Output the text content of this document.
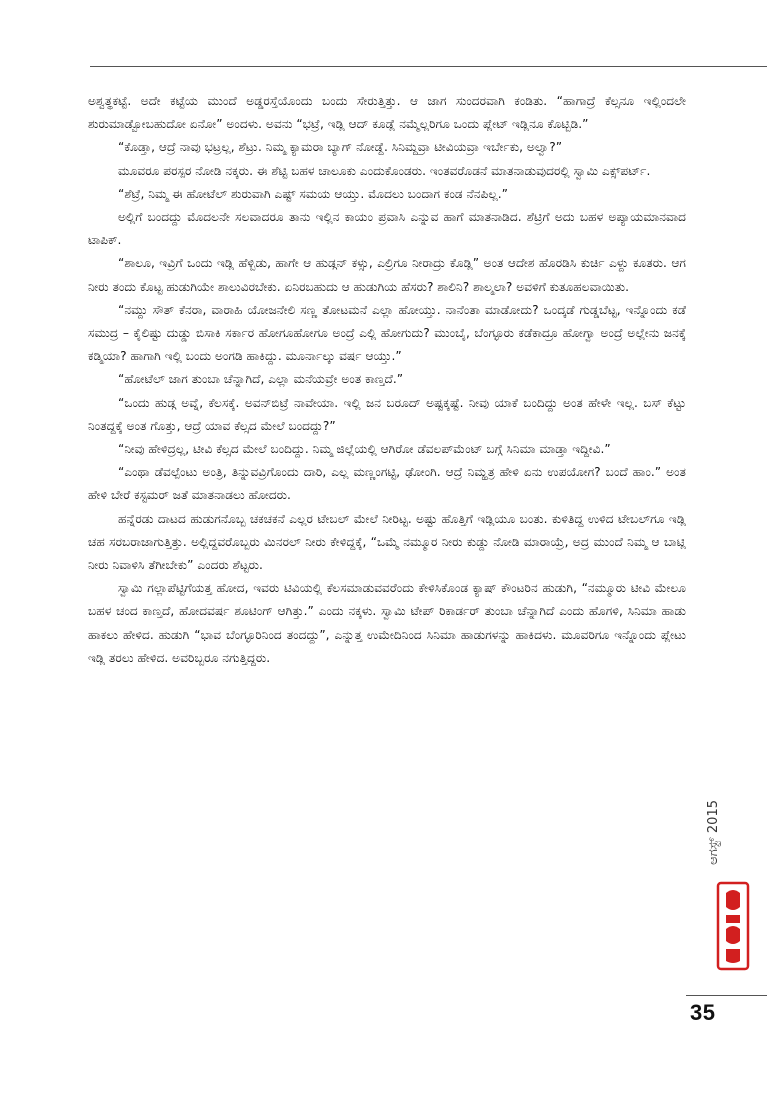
ಅಶ್ವತ್ಥಕಟ್ಟೆ. ಅದೇ ಕಟ್ಟೆಯ ಮುಂದೆ ಅಡ್ಡರಸ್ತೆಯೊಂದು ಬಂದು ಸೇರುತ್ತಿತ್ತು. ಆ ಜಾಗ ಸುಂದರವಾಗಿ ಕಂಡಿತು. “ಹಾಗಾದ್ರೆ ಕೆಲ್ಸನೂ ಇಲ್ಲಿಂದಲೇ ಶುರುಮಾಡ್ಬೋಬಹುದೋ ಏನೋ” ಅಂದಳು. ಅವನು “ಭಟ್ರೆ, ಇಡ್ಲಿ ಆದ್ ಕೂಡ್ಲೆ ನಮ್ಮೆಲ್ಲರಿಗೂ ಒಂದು ಪ್ಲೇಟ್ ಇಡ್ಲಿನೂ ಕೊಟ್ಬಿಡಿ.”

“ಕೊಡ್ತಾ, ಆದ್ರೆ ನಾವು ಭಟ್ರಲ್ಲ, ಶೆಟ್ರು. ನಿಮ್ಮ ಕ್ಯಾಮರಾ ಬ್ಯಾಗ್ ನೋಡ್ದೆ. ಸಿನಿಮ್ದವ್ರಾ ಟೀವಿಯವ್ರಾ ಇರ್ಬೇಕು, ಅಲ್ವಾ?”

ಮೂವರೂ ಪರಸ್ಪರ ನೋಡಿ ನಕ್ಕರು. ಈ ಶೆಟ್ಟಿ ಬಹಳ ಚಾಲೂಕು ಎಂದುಕೊಂಡರು. ಇಂತವರೊಡನೆ ಮಾತನಾಡುವುದರಲ್ಲಿ ಸ್ವಾಮಿ ಎಕ್ಸ್‌ಪರ್ಟ್.

“ಶೆಟ್ರೆ, ನಿಮ್ಮ ಈ ಹೋಟೆಲ್ ಶುರುವಾಗಿ ಎಷ್ಟ್ ಸಮಯ ಆಯ್ತು. ಮೊದಲು ಬಂದಾಗ ಕಂಡ ನೆನಪಿಲ್ಲ.”

ಅಲ್ಲಿಗೆ ಬಂದದ್ದು ಮೊದಲನೇ ಸಲವಾದರೂ ತಾನು ಇಲ್ಲಿನ ಕಾಯಂ ಪ್ರವಾಸಿ ಎನ್ನುವ ಹಾಗೆ ಮಾತನಾಡಿದ. ಶೆಟ್ರಿಗೆ ಅದು ಬಹಳ ಅಪ್ಯಾಯಮಾನವಾದ ಟಾಪಿಕ್.

“ಶಾಲೂ, ಇವ್ರಿಗೆ ಒಂದು ಇಡ್ಲಿ ಹೆಳ್ಬಿಡು, ಹಾಗೇ ಆ ಹುಡ್ಗನ್ ಕಳ್ಸು, ಎಲ್ರಿಗೂ ನೀರಾದ್ರು ಕೊಡ್ಲಿ” ಅಂತ ಆದೇಶ ಹೊರಡಿಸಿ ಕುರ್ಚಿ ಎಳ್ದು ಕೂತರು. ಆಗ ನೀರು ತಂದು ಕೊಟ್ಟ ಹುಡುಗಿಯೇ ಶಾಲುವಿರಬೇಕು. ಏನಿರಬಹುದು ಆ ಹುಡುಗಿಯ ಹೆಸರು? ಶಾಲಿನಿ? ಶಾಲ್ಮಲಾ? ಅವಳಿಗೆ ಕುತೂಹಲವಾಯಿತು.

“ನಮ್ದು ಸೌತ್ ಕೆನರಾ, ವಾರಾಹಿ ಯೋಜನೇಲಿ ಸಣ್ಣ ತೋಟಮನೆ ಎಲ್ಲಾ ಹೋಯ್ತು. ನಾನೆಂತಾ ಮಾಡೋದು? ಒಂದ್ಕಡೆ ಗುಡ್ಡಬೆಟ್ಟ, ಇನ್ನೊಂದು ಕಡೆ ಸಮುದ್ರ – ಕೈಲಿಷ್ಟು ದುಡ್ಡು ಬಿಸಾಕಿ ಸರ್ಕಾರ ಹೋಗೂಹೋಗೂ ಅಂದ್ರೆ ಎಲ್ಲಿ ಹೋಗುದು? ಮುಂಬೈ, ಬೆಂಗ್ಳೂರು ಕಡೆಕಾದ್ರೂ ಹೋಗ್ವಾ ಅಂದ್ರೆ ಅಲ್ಲೇನು ಜನಕ್ಕೆ ಕಡ್ಮಿಯಾ? ಹಾಗಾಗಿ ಇಲ್ಲಿ ಬಂದು ಅಂಗಡಿ ಹಾಕಿದ್ದು. ಮೂರ್ನಾಲ್ಕು ವರ್ಷ ಆಯ್ತು.”

“ಹೋಟೆಲ್ ಜಾಗ ತುಂಬಾ ಚೆನ್ನಾಗಿದೆ, ಎಲ್ಲಾ ಮನೆಯವ್ರೇ ಅಂತ ಕಾಣ್ತದೆ.”

“ಒಂದು ಹುಡ್ಗ ಅವ್ನೆ, ಕೆಲಸಕ್ಕೆ. ಅವನ್‌ಬಿಟ್ರೆ ನಾವೇಯಾ. ಇಲ್ಲಿ ಜನ ಬರೂದ್ ಅಷ್ಟಕ್ಕಷ್ಟೆ. ನೀವು ಯಾಕೆ ಬಂದಿದ್ದು ಅಂತ ಹೇಳೇ ಇಲ್ಲ. ಬಸ್ ಕೆಟ್ಟು ನಿಂತದ್ದಕ್ಕೆ ಅಂತ ಗೊತ್ತು, ಆದ್ರೆ ಯಾವ ಕೆಲ್ಸದ ಮೇಲೆ ಬಂದದ್ದು?”

“ನೀವು ಹೇಳಿದ್ರಲ್ಲ, ಟೀವಿ ಕೆಲ್ಸದ ಮೇಲೆ ಬಂದಿದ್ದು. ನಿಮ್ಮ ಜಿಲ್ಲೆಯಲ್ಲಿ ಆಗಿರೋ ಡೆವಲಪ್‌ಮೆಂಟ್ ಬಗ್ಗೆ ಸಿನಿಮಾ ಮಾಡ್ತಾ ಇದ್ದೀವಿ.”

“ಎಂಥಾ ಡೆವಲ್ಪೆಂಟು ಅಂತ್ರಿ, ತಿನ್ನುವವ್ರಿಗೊಂದು ದಾರಿ, ಎಲ್ಲ ಮಣ್ಣಂಗಟ್ಟಿ, ಢೋಂಗಿ. ಆದ್ರೆ ನಿಮ್ಹತ್ರ ಹೇಳಿ ಏನು ಉಪಯೋಗ? ಬಂದೆ ಹಾಂ.” ಅಂತ ಹೇಳಿ ಬೇರೆ ಕಸ್ಟಮರ್ ಜತೆ ಮಾತನಾಡಲು ಹೋದರು.

ಹನ್ನೆರಡು ದಾಟದ ಹುಡುಗನೊಬ್ಬ ಚಕಚಕನೆ ಎಲ್ಲರ ಟೇಬಲ್ ಮೇಲೆ ನೀರಿಟ್ಟ. ಅಷ್ಟು ಹೊತ್ತಿಗೆ ಇಡ್ಲಿಯೂ ಬಂತು. ಕುಳಿತಿದ್ದ ಉಳಿದ ಟೇಬಲ್‌ಗೂ ಇಡ್ಲಿ ಚಹ ಸರಬರಾಜಾಗುತ್ತಿತ್ತು. ಅಲ್ಲಿದ್ದವರೊಬ್ಬರು ಮಿನರಲ್ ನೀರು ಕೇಳಿದ್ದಕ್ಕೆ, “ಒಮ್ಮೆ ನಮ್ಮೂರ ನೀರು ಕುಡ್ದು ನೋಡಿ ಮಾರಾಯ್ರೆ, ಅದ್ರ ಮುಂದೆ ನಿಮ್ಮ ಆ ಬಾಟ್ಲಿ ನೀರು ನಿವಾಳಿಸಿ ತೆಗೀಬೇಕು” ಎಂದರು ಶೆಟ್ಟರು.

ಸ್ವಾಮಿ ಗಲ್ಲಾಪೆಟ್ಟಿಗೆಯತ್ತ ಹೋದ, ಇವರು ಟಿವಿಯಲ್ಲಿ ಕೆಲಸಮಾಡುವವರೆಂದು ಕೇಳಿಸಿಕೊಂಡ ಕ್ಯಾಷ್ ಕೌಂಟರಿನ ಹುಡುಗಿ, “ನಮ್ಮೂರು ಟೀವಿ ಮೇಲೂ ಬಹಳ ಚಂದ ಕಾಣ್ತದೆ, ಹೋದವರ್ಷ ಶೂಟಿಂಗ್ ಆಗಿತ್ತು.” ಎಂದು ನಕ್ಕಳು. ಸ್ವಾಮಿ ಟೇಪ್ ರಿಕಾರ್ಡರ್ ತುಂಬಾ ಚೆನ್ನಾಗಿದೆ ಎಂದು ಹೊಗಳಿ, ಸಿನಿಮಾ ಹಾಡು ಹಾಕಲು ಹೇಳಿದ. ಹುಡುಗಿ “ಭಾವ ಬೆಂಗ್ಳೂರಿನಿಂದ ತಂದದ್ದು”, ಎನ್ನುತ್ತ ಉಮೇದಿನಿಂದ ಸಿನಿಮಾ ಹಾಡುಗಳನ್ನು ಹಾಕಿದಳು. ಮೂವರಿಗೂ ಇನ್ನೊಂದು ಪ್ಲೇಟು ಇಡ್ಲಿ ತರಲು ಹೇಳಿದ. ಅವರಿಬ್ಬರೂ ನಗುತ್ತಿದ್ದರು.

ಆಗಸ್ಟ್ 2015
35
